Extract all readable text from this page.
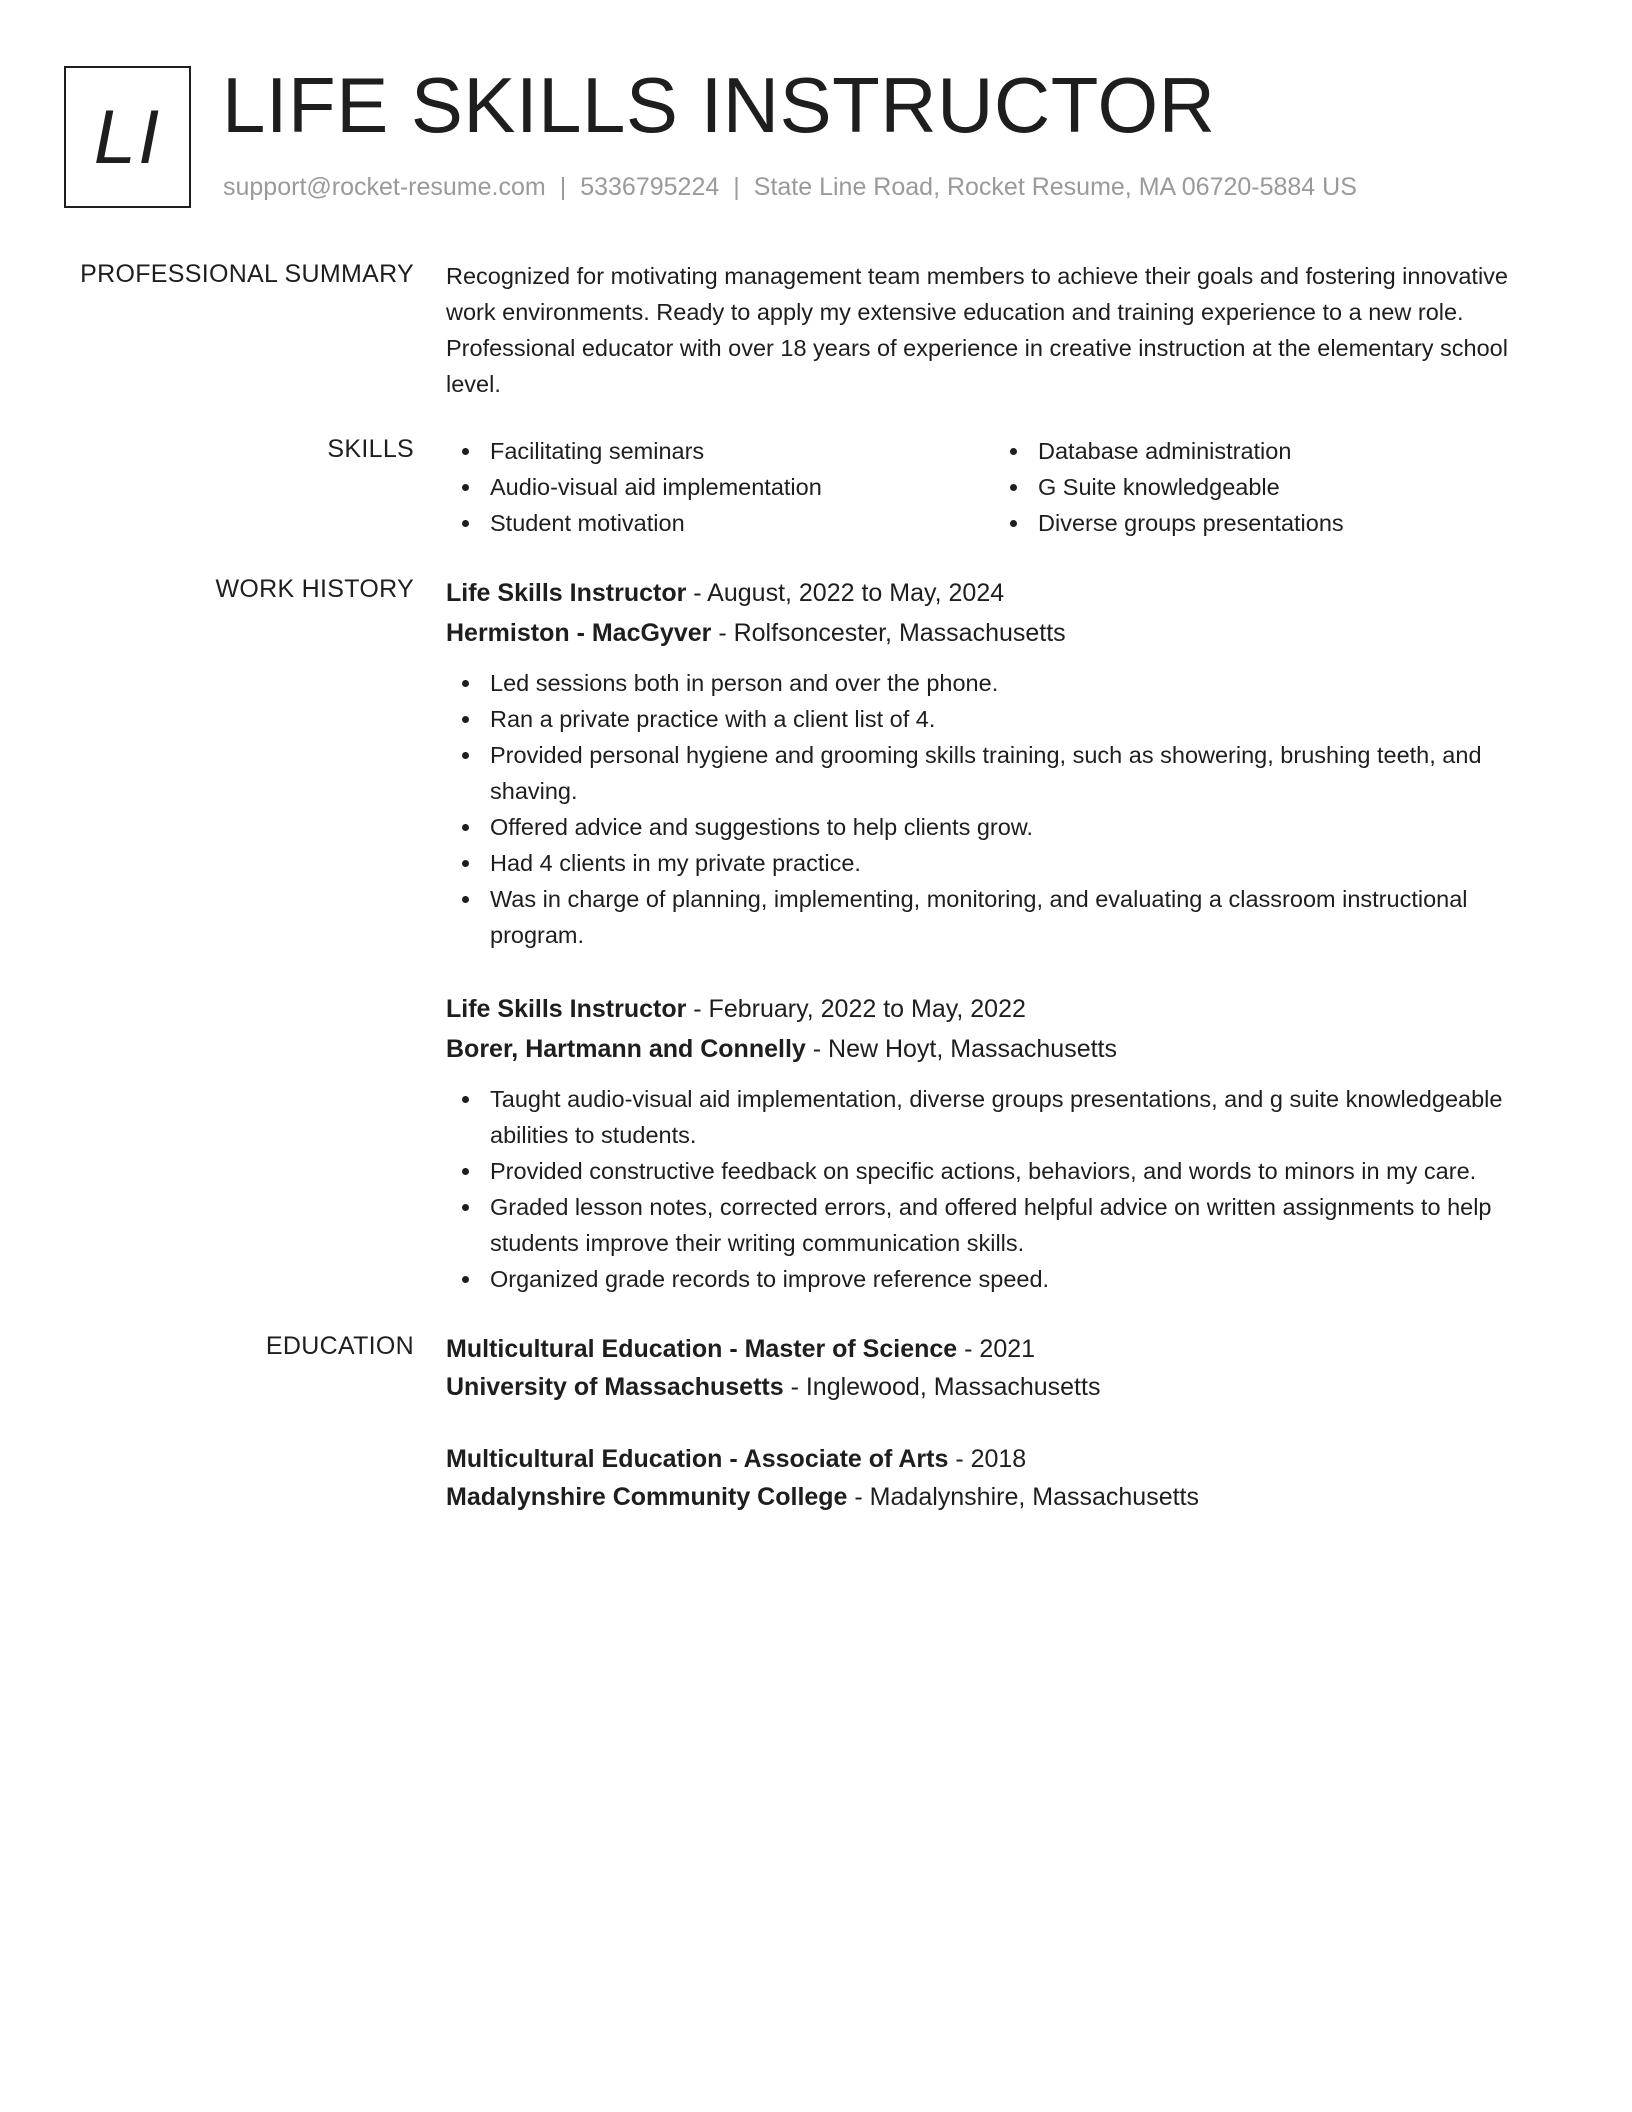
LI LIFE SKILLS INSTRUCTOR
support@rocket-resume.com | 5336795224 | State Line Road, Rocket Resume, MA 06720-5884 US
PROFESSIONAL SUMMARY Recognized for motivating management team members to achieve their goals and fostering innovative work environments. Ready to apply my extensive education and training experience to a new role. Professional educator with over 18 years of experience in creative instruction at the elementary school level.
SKILLS	Facilitating seminars
Audio-visual aid implementation
Student motivation
Database administration
G Suite knowledgeable
Diverse groups presentations
WORK HISTORY Life Skills Instructor - August, 2022 to May, 2024
Hermiston - MacGyver - Rolfsoncester, Massachusetts
Led sessions both in person and over the phone.
Ran a private practice with a client list of 4.
Provided personal hygiene and grooming skills training, such as showering, brushing teeth, and shaving.
Offered advice and suggestions to help clients grow.
Had 4 clients in my private practice.
Was in charge of planning, implementing, monitoring, and evaluating a classroom instructional program.
Life Skills Instructor - February, 2022 to May, 2022
Borer, Hartmann and Connelly - New Hoyt, Massachusetts
Taught audio-visual aid implementation, diverse groups presentations, and g suite knowledgeable abilities to students.
Provided constructive feedback on specific actions, behaviors, and words to minors in my care.
Graded lesson notes, corrected errors, and offered helpful advice on written assignments to help students improve their writing communication skills.
Organized grade records to improve reference speed.
EDUCATION Multicultural Education - Master of Science - 2021
University of Massachusetts - Inglewood, Massachusetts
Multicultural Education - Associate of Arts - 2018
Madalynshire Community College - Madalynshire, Massachusetts
